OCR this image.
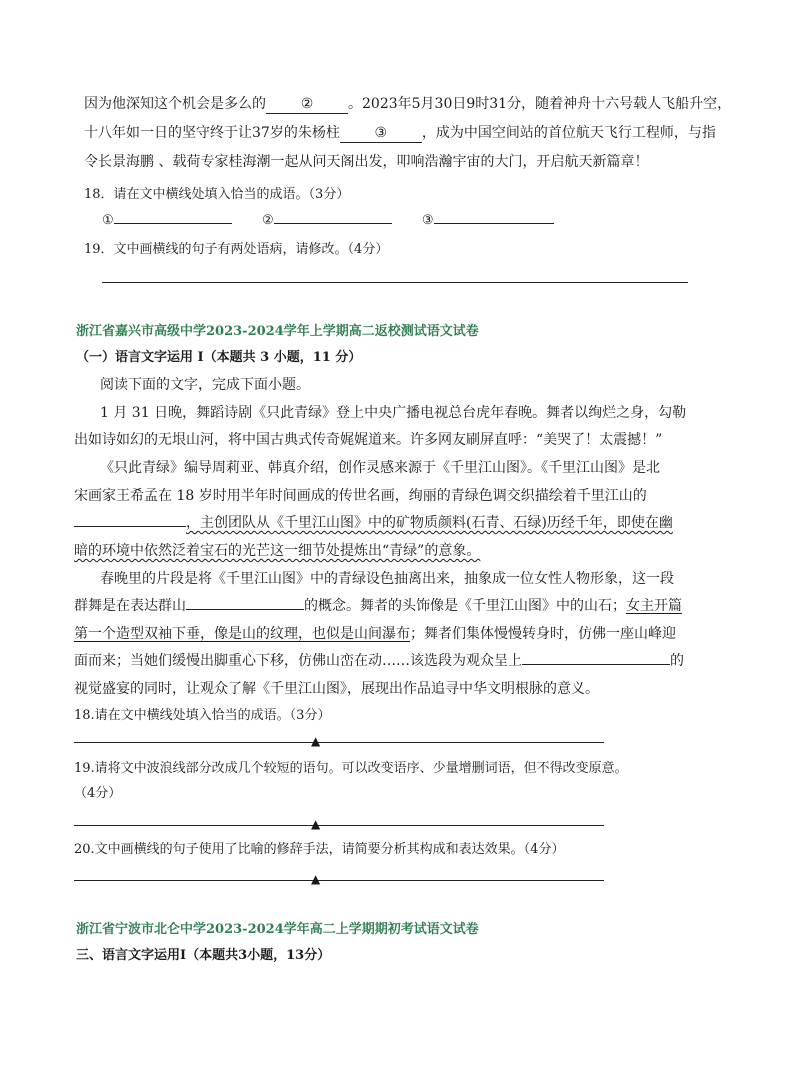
因为他深知这个机会是多么的 ② 。2023年5月30日9时31分，随着神舟十六号载人飞船升空，
十八年如一日的坚守终于让37岁的朱杨柱 ③ ，成为中国空间站的首位航天飞行工程师，与指
令长景海鹏 、载荷专家桂海潮一起从问天阁出发，叩响浩瀚宇宙的大门，开启航天新篇章！
18．请在文中横线处填入恰当的成语。（3分）
①	②	③
19．文中画横线的句子有两处语病，请修改。（4分）
浙江省嘉兴市高级中学2023-2024学年上学期高二返校测试语文试卷
（一）语言文字运用 I（本题共 3 小题，11 分）
阅读下面的文字，完成下面小题。
1 月 31 日晚，舞蹈诗剧《只此青绿》登上中央广播电视总台虎年春晚。舞者以绚烂之身，勾勒
出如诗如幻的无垠山河，将中国古典式传奇娓娓道来。许多网友刷屏直呼：“美哭了！太震撼！”
《只此青绿》编导周莉亚、韩真介绍，创作灵感来源于《千里江山图》。《千里江山图》是北
宋画家王希孟在 18 岁时用半年时间画成的传世名画，绚丽的青绿色调交织描绘着千里江山的
，主创团队从《千里江山图》中的矿物质颜料(石青、石绿)历经千年，即使在幽
暗的环境中依然泛着宝石的光芒这一细节处提炼出“青绿”的意象。
春晚里的片段是将《千里江山图》中的青绿设色抽离出来，抽象成一位女性人物形象，这一段
群舞是在表达群山	的概念。舞者的头饰像是《千里江山图》中的山石；女主开篇
第一个造型双袖下垂，像是山的纹理，也似是山间瀑布；舞者们集体慢慢转身时，仿佛一座山峰迎
面而来；当她们缓慢出脚重心下移，仿佛山峦在动……该选段为观众呈上	的
视觉盛宴的同时，让观众了解《千里江山图》，展现出作品追寻中华文明根脉的意义。
18.请在文中横线处填入恰当的成语。（3分）
▲
19.请将文中波浪线部分改成几个较短的语句。可以改变语序、少量增删词语，但不得改变原意。
（4分）
▲
20.文中画横线的句子使用了比喻的修辞手法，请简要分析其构成和表达效果。（4分）
▲
浙江省宁波市北仑中学2023-2024学年高二上学期期初考试语文试卷
三、语言文字运用Ⅰ（本题共3小题，13分）
